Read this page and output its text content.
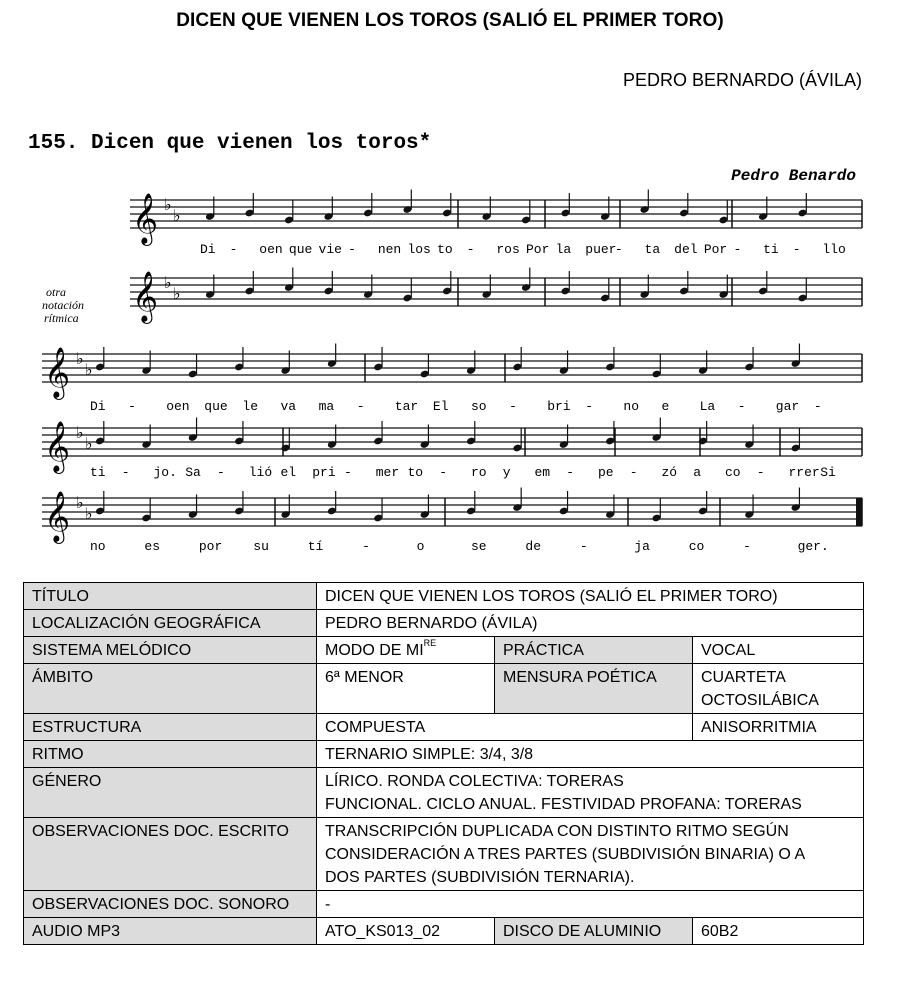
DICEN QUE VIENEN LOS TOROS (SALIÓ EL PRIMER TORO)
PEDRO BERNARDO (ÁVILA)
155. Dicen que vienen los toros*
Pedro Benardo
otra
notación
rítmica
𝄞 ♭
♭
Di - oen que vie - nen los to - ros Por la puer
- ta del Por - ti - llo
𝄞 ♭
♭
𝄞 ♭
♭
Di - oen que le va ma - tar El so - bri - no e La - gar -
𝄞 ♭
♭
ti - jo. Sa - lió el pri - mer to - ro y em - pe - zó a co - rrer Si
𝄞 ♭
♭
no	es	por su	tí	-	o	se	de	-	ja	co	-	ger.
TÍTULO	DICEN QUE VIENEN LOS TOROS (SALIÓ EL PRIMER TORO)		
LOCALIZACIÓN GEOGRÁFICA	PEDRO BERNARDO (ÁVILA)		
SISTEMA MELÓDICO	MODO DE MIRE	PRÁCTICA	VOCAL
ÁMBITO	6ª MENOR	MENSURA POÉTICA	CUARTETA
OCTOSILÁBICA

ESTRUCTURA	COMPUESTA		ANISORRITMIA
RITMO	TERNARIO SIMPLE: 3/4, 3/8		
GÉNERO	LÍRICO. RONDA COLECTIVA: TORERAS
FUNCIONAL. CICLO ANUAL. FESTIVIDAD PROFANA: TORERAS		

OBSERVACIONES DOC. ESCRITO	TRANSCRIPCIÓN DUPLICADA CON DISTINTO RITMO SEGÚN
CONSIDERACIÓN A TRES PARTES (SUBDIVISIÓN BINARIA) O A
DOS PARTES (SUBDIVISIÓN TERNARIA).		

OBSERVACIONES DOC. SONORO	-		
AUDIO MP3	ATO_KS013_02	DISCO DE ALUMINIO	60B2
